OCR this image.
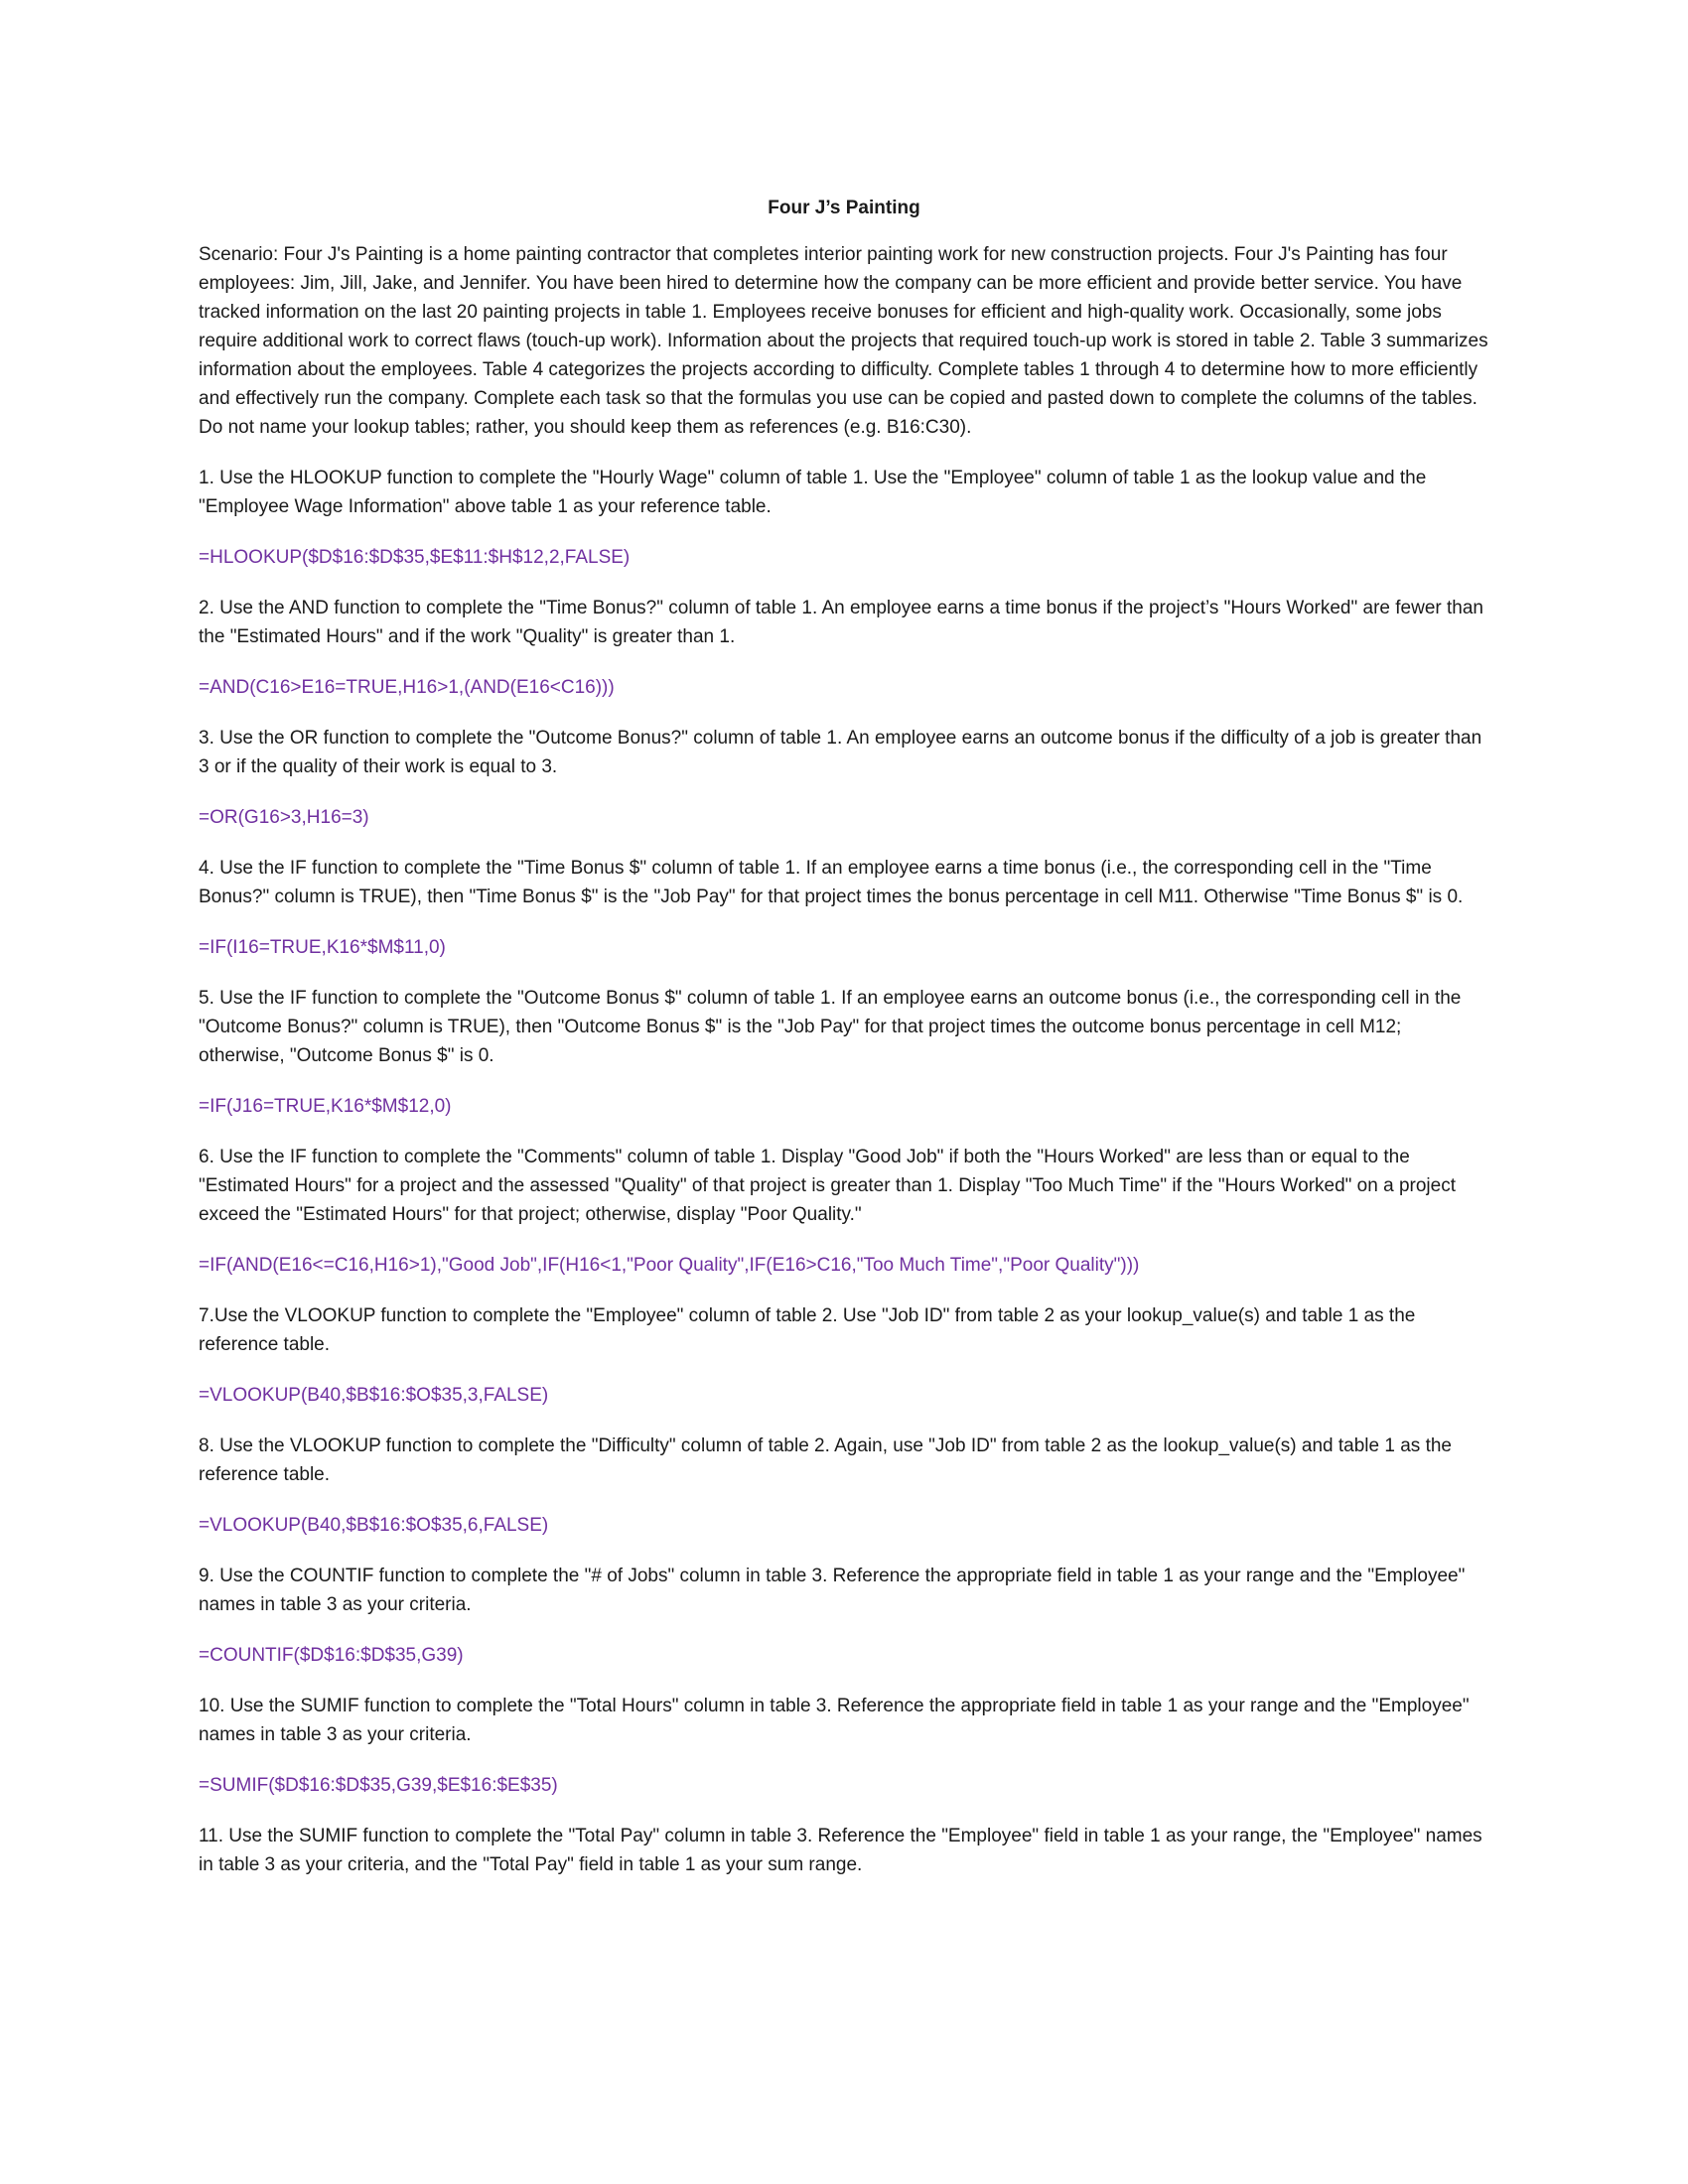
Four J’s Painting

Scenario: Four J's Painting is a home painting contractor that completes interior painting work for new construction projects. Four J's Painting has four employees: Jim, Jill, Jake, and Jennifer. You have been hired to determine how the company can be more efficient and provide better service. You have tracked information on the last 20 painting projects in table 1. Employees receive bonuses for efficient and high-quality work. Occasionally, some jobs require additional work to correct flaws (touch-up work). Information about the projects that required touch-up work is stored in table 2. Table 3 summarizes information about the employees. Table 4 categorizes the projects according to difficulty. Complete tables 1 through 4 to determine how to more efficiently and effectively run the company. Complete each task so that the formulas you use can be copied and pasted down to complete the columns of the tables. Do not name your lookup tables; rather, you should keep them as references (e.g. B16:C30).

1. Use the HLOOKUP function to complete the "Hourly Wage" column of table 1. Use the "Employee" column of table 1 as the lookup value and the "Employee Wage Information" above table 1 as your reference table.

=HLOOKUP($D$16:$D$35,$E$11:$H$12,2,FALSE)

2. Use the AND function to complete the "Time Bonus?" column of table 1. An employee earns a time bonus if the project’s "Hours Worked" are fewer than the "Estimated Hours" and if the work "Quality" is greater than 1.

=AND(C16>E16=TRUE,H16>1,(AND(E16<C16)))

3. Use the OR function to complete the "Outcome Bonus?" column of table 1. An employee earns an outcome bonus if the difficulty of a job is greater than 3 or if the quality of their work is equal to 3.

=OR(G16>3,H16=3)

4. Use the IF function to complete the "Time Bonus $" column of table 1. If an employee earns a time bonus (i.e., the corresponding cell in the "Time Bonus?" column is TRUE), then "Time Bonus $" is the "Job Pay" for that project times the bonus percentage in cell M11. Otherwise "Time Bonus $" is 0.

=IF(I16=TRUE,K16*$M$11,0)

5. Use the IF function to complete the "Outcome Bonus $" column of table 1. If an employee earns an outcome bonus (i.e., the corresponding cell in the "Outcome Bonus?" column is TRUE), then "Outcome Bonus $" is the "Job Pay" for that project times the outcome bonus percentage in cell M12; otherwise, "Outcome Bonus $" is 0.

=IF(J16=TRUE,K16*$M$12,0)

6. Use the IF function to complete the "Comments" column of table 1. Display "Good Job" if both the "Hours Worked" are less than or equal to the "Estimated Hours" for a project and the assessed "Quality" of that project is greater than 1. Display "Too Much Time" if the "Hours Worked" on a project exceed the "Estimated Hours" for that project; otherwise, display "Poor Quality."

=IF(AND(E16<=C16,H16>1),"Good Job",IF(H16<1,"Poor Quality",IF(E16>C16,"Too Much Time","Poor Quality")))

7.Use the VLOOKUP function to complete the "Employee" column of table 2. Use "Job ID" from table 2 as your lookup_value(s) and table 1 as the reference table.

=VLOOKUP(B40,$B$16:$O$35,3,FALSE)

8. Use the VLOOKUP function to complete the "Difficulty" column of table 2. Again, use "Job ID" from table 2 as the lookup_value(s) and table 1 as the reference table.

=VLOOKUP(B40,$B$16:$O$35,6,FALSE)

9. Use the COUNTIF function to complete the "# of Jobs" column in table 3. Reference the appropriate field in table 1 as your range and the "Employee" names in table 3 as your criteria.

=COUNTIF($D$16:$D$35,G39)

10. Use the SUMIF function to complete the "Total Hours" column in table 3. Reference the appropriate field in table 1 as your range and the "Employee" names in table 3 as your criteria.

=SUMIF($D$16:$D$35,G39,$E$16:$E$35)

11. Use the SUMIF function to complete the "Total Pay" column in table 3. Reference the "Employee" field in table 1 as your range, the "Employee" names in table 3 as your criteria, and the "Total Pay" field in table 1 as your sum range.
